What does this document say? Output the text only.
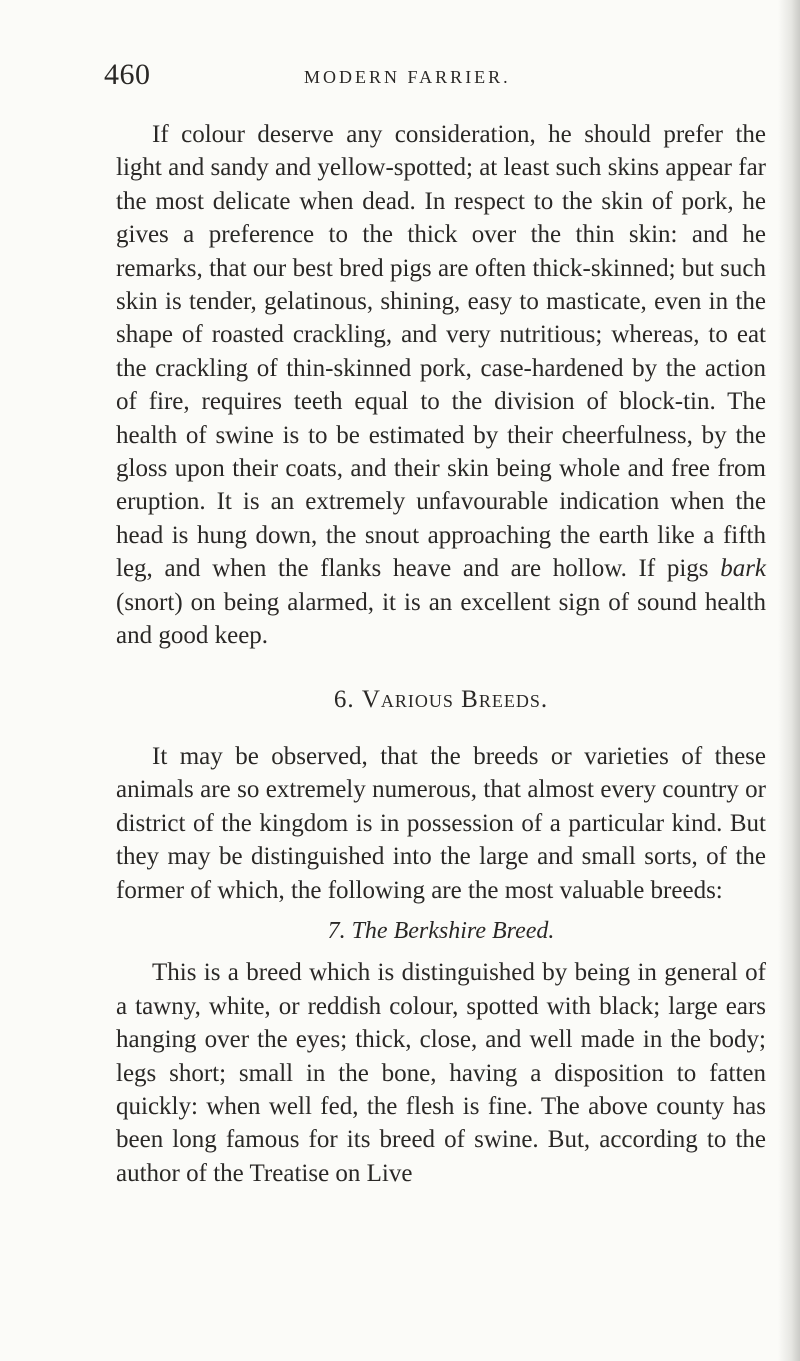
460	MODERN FARRIER.

If colour deserve any consideration, he should prefer the light and sandy and yellow-spotted; at least such skins appear far the most delicate when dead. In respect to the skin of pork, he gives a preference to the thick over the thin skin: and he remarks, that our best bred pigs are often thick-skinned; but such skin is tender, gelatinous, shining, easy to masticate, even in the shape of roasted crackling, and very nutritious; whereas, to eat the crackling of thin-skinned pork, case-hardened by the action of fire, requires teeth equal to the division of block-tin. The health of swine is to be estimated by their cheerfulness, by the gloss upon their coats, and their skin being whole and free from eruption. It is an extremely unfavourable indication when the head is hung down, the snout approaching the earth like a fifth leg, and when the flanks heave and are hollow. If pigs bark (snort) on being alarmed, it is an excellent sign of sound health and good keep.

6. Various Breeds.

It may be observed, that the breeds or varieties of these animals are so extremely numerous, that almost every country or district of the kingdom is in possession of a particular kind. But they may be distinguished into the large and small sorts, of the former of which, the following are the most valuable breeds:

7. The Berkshire Breed.

This is a breed which is distinguished by being in general of a tawny, white, or reddish colour, spotted with black; large ears hanging over the eyes; thick, close, and well made in the body; legs short; small in the bone, having a disposition to fatten quickly: when well fed, the flesh is fine. The above county has been long famous for its breed of swine. But, according to the author of the Treatise on Live
